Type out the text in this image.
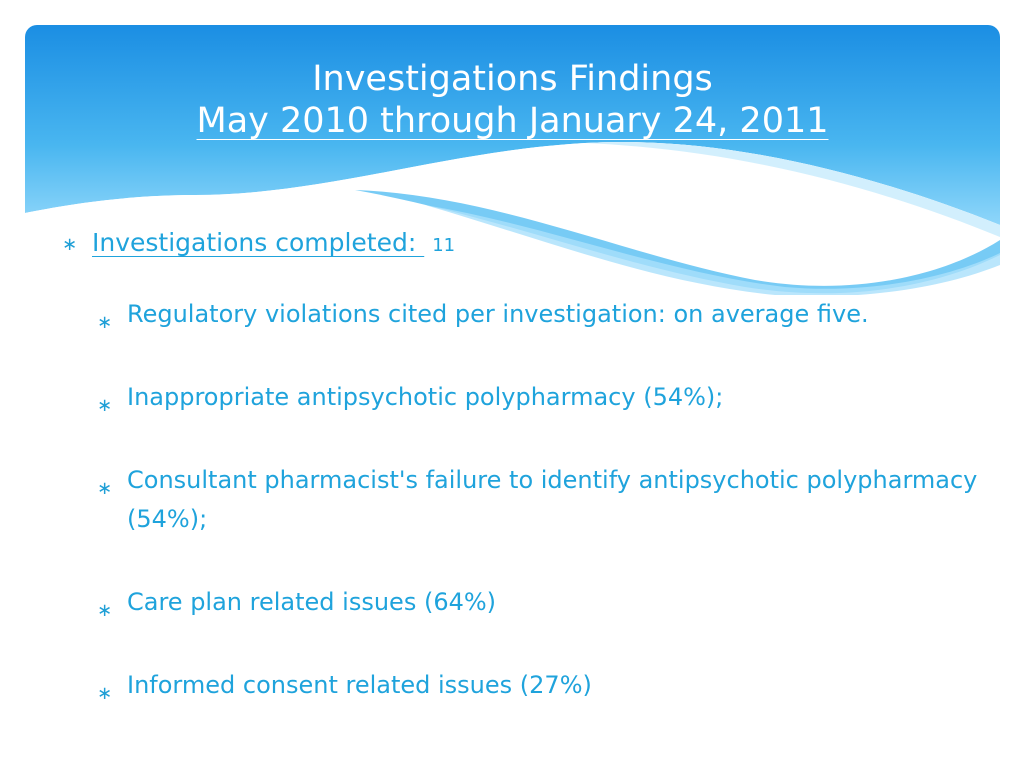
Investigations Findings
May 2010 through January 24, 2011
∗ Investigations completed: 11
∗ Regulatory violations cited per investigation: on average five.
∗ Inappropriate antipsychotic polypharmacy (54%);
∗ Consultant pharmacist's failure to identify antipsychotic polypharmacy (54%);
∗ Care plan related issues (64%)
∗ Informed consent related issues (27%)
